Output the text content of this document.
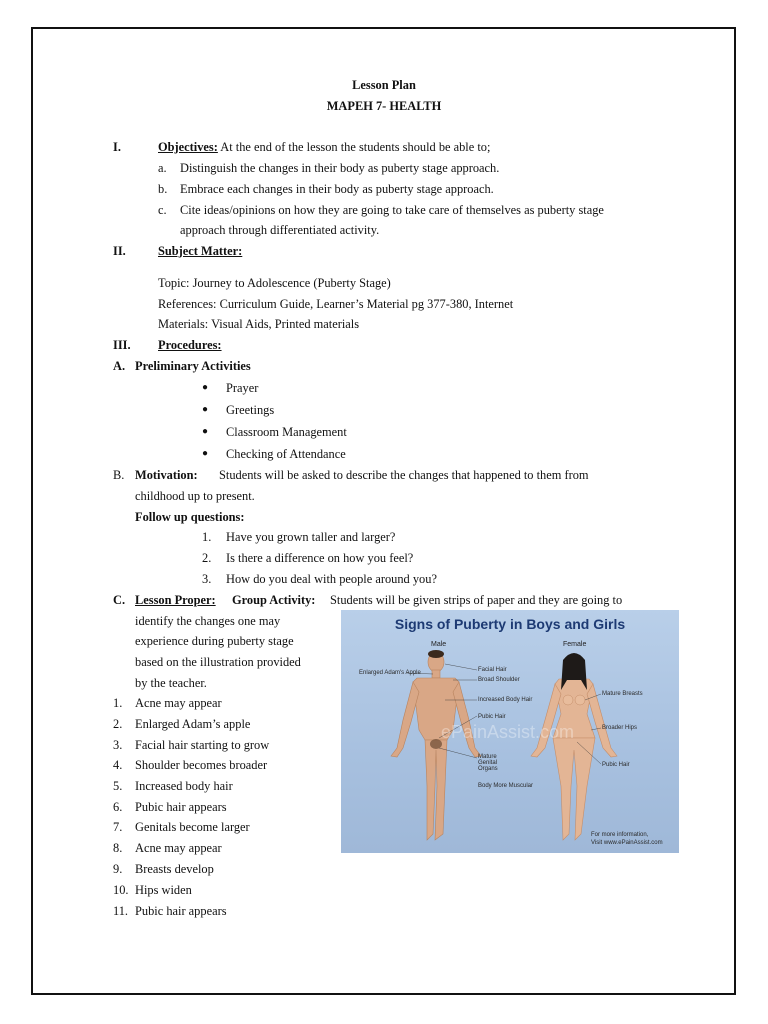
Lesson Plan
MAPEH 7- HEALTH
I.	Objectives: At the end of the lesson the students should be able to;
a. Distinguish the changes in their body as puberty stage approach.
b. Embrace each changes in their body as puberty stage approach.
c. Cite ideas/opinions on how they are going to take care of themselves as puberty stage
approach through differentiated activity.
II.	Subject Matter:
Topic: Journey to Adolescence (Puberty Stage)
References: Curriculum Guide, Learner’s Material pg 377-380, Internet
Materials: Visual Aids, Printed materials
III. Procedures:
A. Preliminary Activities
● Prayer
● Greetings
● Classroom Management
● Checking of Attendance
B. Motivation: Students will be asked to describe the changes that happened to them from
childhood up to present.
Follow up questions:
1. Have you grown taller and larger?
2. Is there a difference on how you feel?
3. How do you deal with people around you?
C. Lesson Proper: Group Activity: Students will be given strips of paper and they are going to
identify the changes one may
experience during puberty stage
based on the illustration provided
by the teacher.
1. Acne may appear
2. Enlarged Adam’s apple
3. Facial hair starting to grow
4. Shoulder becomes broader
5. Increased body hair
6. Pubic hair appears
7. Genitals become larger
8. Acne may appear
9. Breasts develop
10. Hips widen
11. Pubic hair appears
Signs of Puberty in Boys and Girls
Male	Female
Enlarged Adam's Apple	Facial Hair
Broad Shoulder
Increased Body Hair
Pubic Hair
Mature Genital Organs
Body More Muscular
Mature Breasts
Broader Hips
Pubic Hair
ePainAssist.com
For more information,
Visit www.ePainAssist.com
